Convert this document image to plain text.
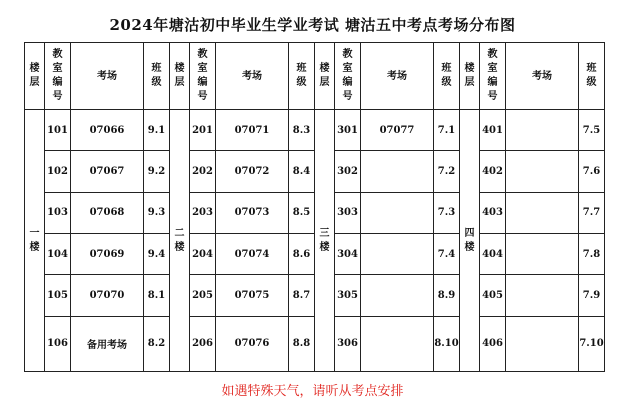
2024年塘沽初中毕业生学业考试 塘沽五中考点考场分布图
楼层	教室编号	考场	班级	楼层	教室编号	考场	班级	楼层	教室编号	考场	班级	楼层	教室编号	考场	班级
一楼	101	07066	9.1	二楼	201	07071	8.3	三楼	301	07077	7.1	四楼	401		7.5
	102	07067	9.2		202	07072	8.4		302		7.2		402		7.6
	103	07068	9.3		203	07073	8.5		303		7.3		403		7.7
	104	07069	9.4		204	07074	8.6		304		7.4		404		7.8
	105	07070	8.1		205	07075	8.7		305		8.9		405		7.9
	106	备用考场	8.2		206	07076	8.8		306		8.10		406		7.10
如遇特殊天气，请听从考点安排
